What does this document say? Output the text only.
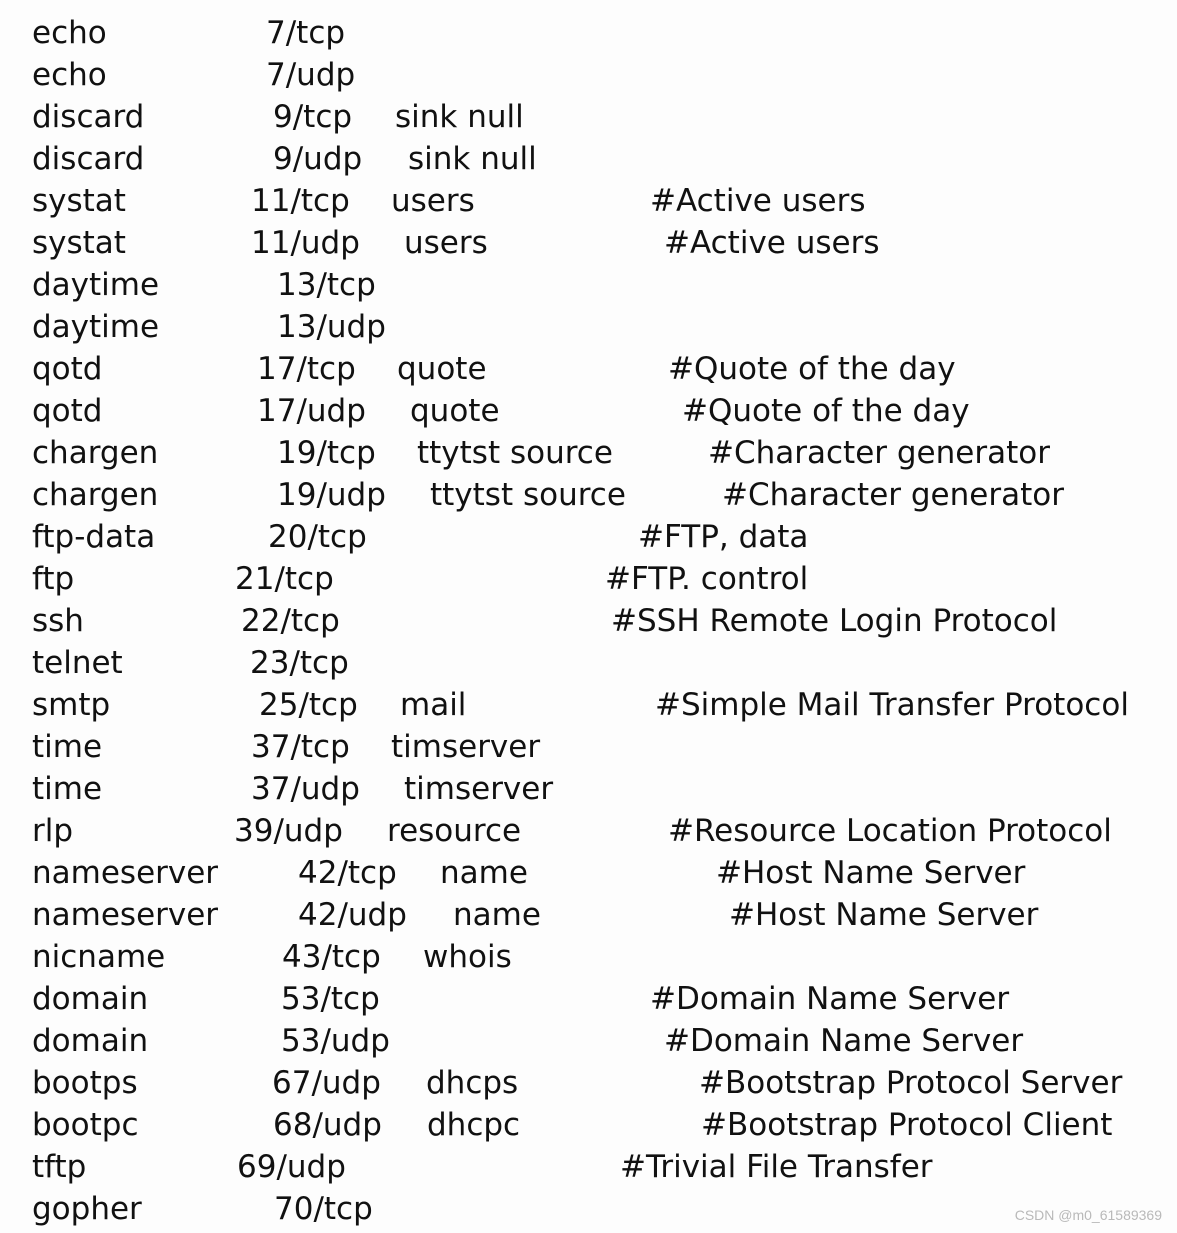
echo	7/tcp
echo	7/udp
discard	9/tcp sink null
discard	9/udp sink null
systat	11/tcp users	#Active users
systat	11/udp users	#Active users
daytime	13/tcp
daytime	13/udp
qotd	17/tcp quote	#Quote of the day
qotd	17/udp quote	#Quote of the day
chargen	19/tcp ttytst source	#Character generator
chargen	19/udp ttytst source	#Character generator
ftp-data	20/tcp	#FTP, data
ftp	21/tcp	#FTP. control
ssh	22/tcp	#SSH Remote Login Protocol
telnet	23/tcp
smtp	25/tcp mail	#Simple Mail Transfer Protocol
time	37/tcp timserver
time	37/udp timserver
rlp	39/udp resource	#Resource Location Protocol
nameserver	42/tcp name	#Host Name Server
nameserver	42/udp name	#Host Name Server
nicname	43/tcp whois
domain	53/tcp	#Domain Name Server
domain	53/udp	#Domain Name Server
bootps	67/udp dhcps	#Bootstrap Protocol Server
bootpc	68/udp dhcpc	#Bootstrap Protocol Client
tftp	69/udp	#Trivial File Transfer
gopher	70/tcp	CSDN @m0_61589369
